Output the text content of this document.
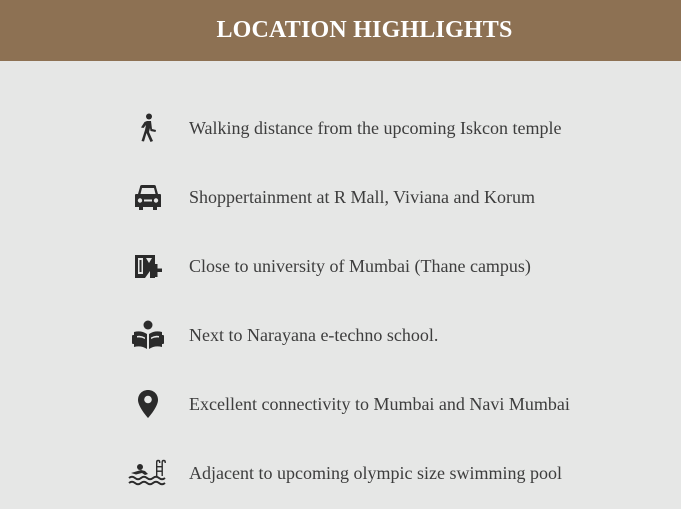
LOCATION HIGHLIGHTS
Walking distance from the upcoming Iskcon temple
Shoppertainment at R Mall, Viviana and Korum
Close to university of Mumbai (Thane campus)
Next to Narayana e-techno school.
Excellent connectivity to Mumbai and Navi Mumbai
Adjacent to upcoming olympic size swimming pool
